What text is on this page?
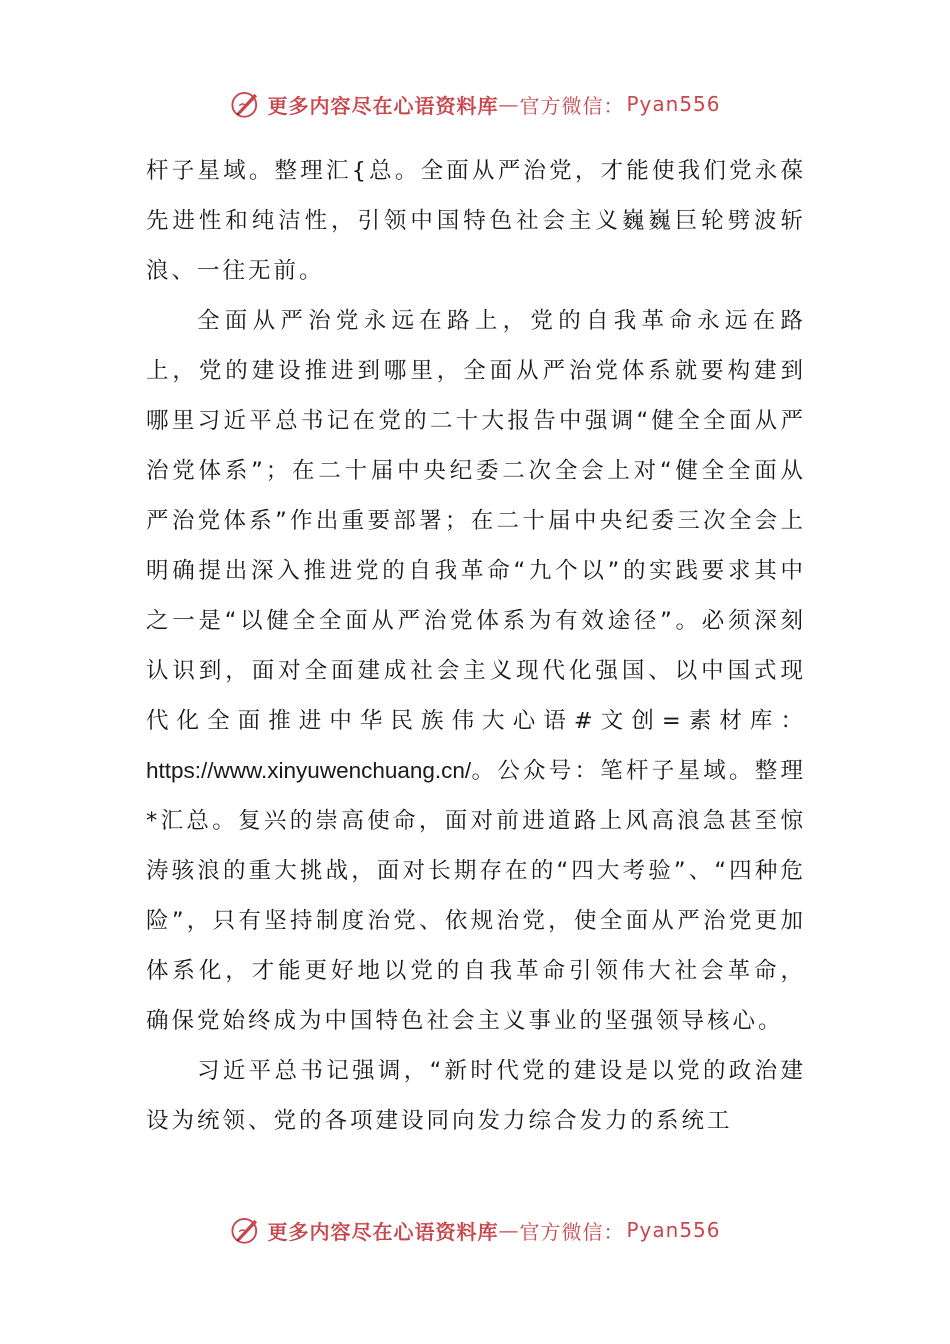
更多内容尽在心语资料库 — 官方微信： Pyan556

杆子星域。整理汇{总。全面从严治党，才能使我们党永葆先进性和纯洁性，引领中国特色社会主义巍巍巨轮劈波斩浪、一往无前。

全面从严治党永远在路上，党的自我革命永远在路上，党的建设推进到哪里，全面从严治党体系就要构建到哪里习近平总书记在党的二十大报告中强调“健全全面从严治党体系”；在二十届中央纪委二次全会上对“健全全面从严治党体系”作出重要部署；在二十届中央纪委三次全会上明确提出深入推进党的自我革命“九个以”的实践要求其中之一是“以健全全面从严治党体系为有效途径”。必须深刻认识到，面对全面建成社会主义现代化强国、以中国式现代化全面推进中华民族伟大心语#文创=素材库：https://www.xinyuwenchuang.cn/。公众号：笔杆子星域。整理*汇总。复兴的崇高使命，面对前进道路上风高浪急甚至惊涛骇浪的重大挑战，面对长期存在的“四大考验”、“四种危险”，只有坚持制度治党、依规治党，使全面从严治党更加体系化，才能更好地以党的自我革命引领伟大社会革命，确保党始终成为中国特色社会主义事业的坚强领导核心。

习近平总书记强调，“新时代党的建设是以党的政治建设为统领、党的各项建设同向发力综合发力的系统工

更多内容尽在心语资料库 — 官方微信： Pyan556
